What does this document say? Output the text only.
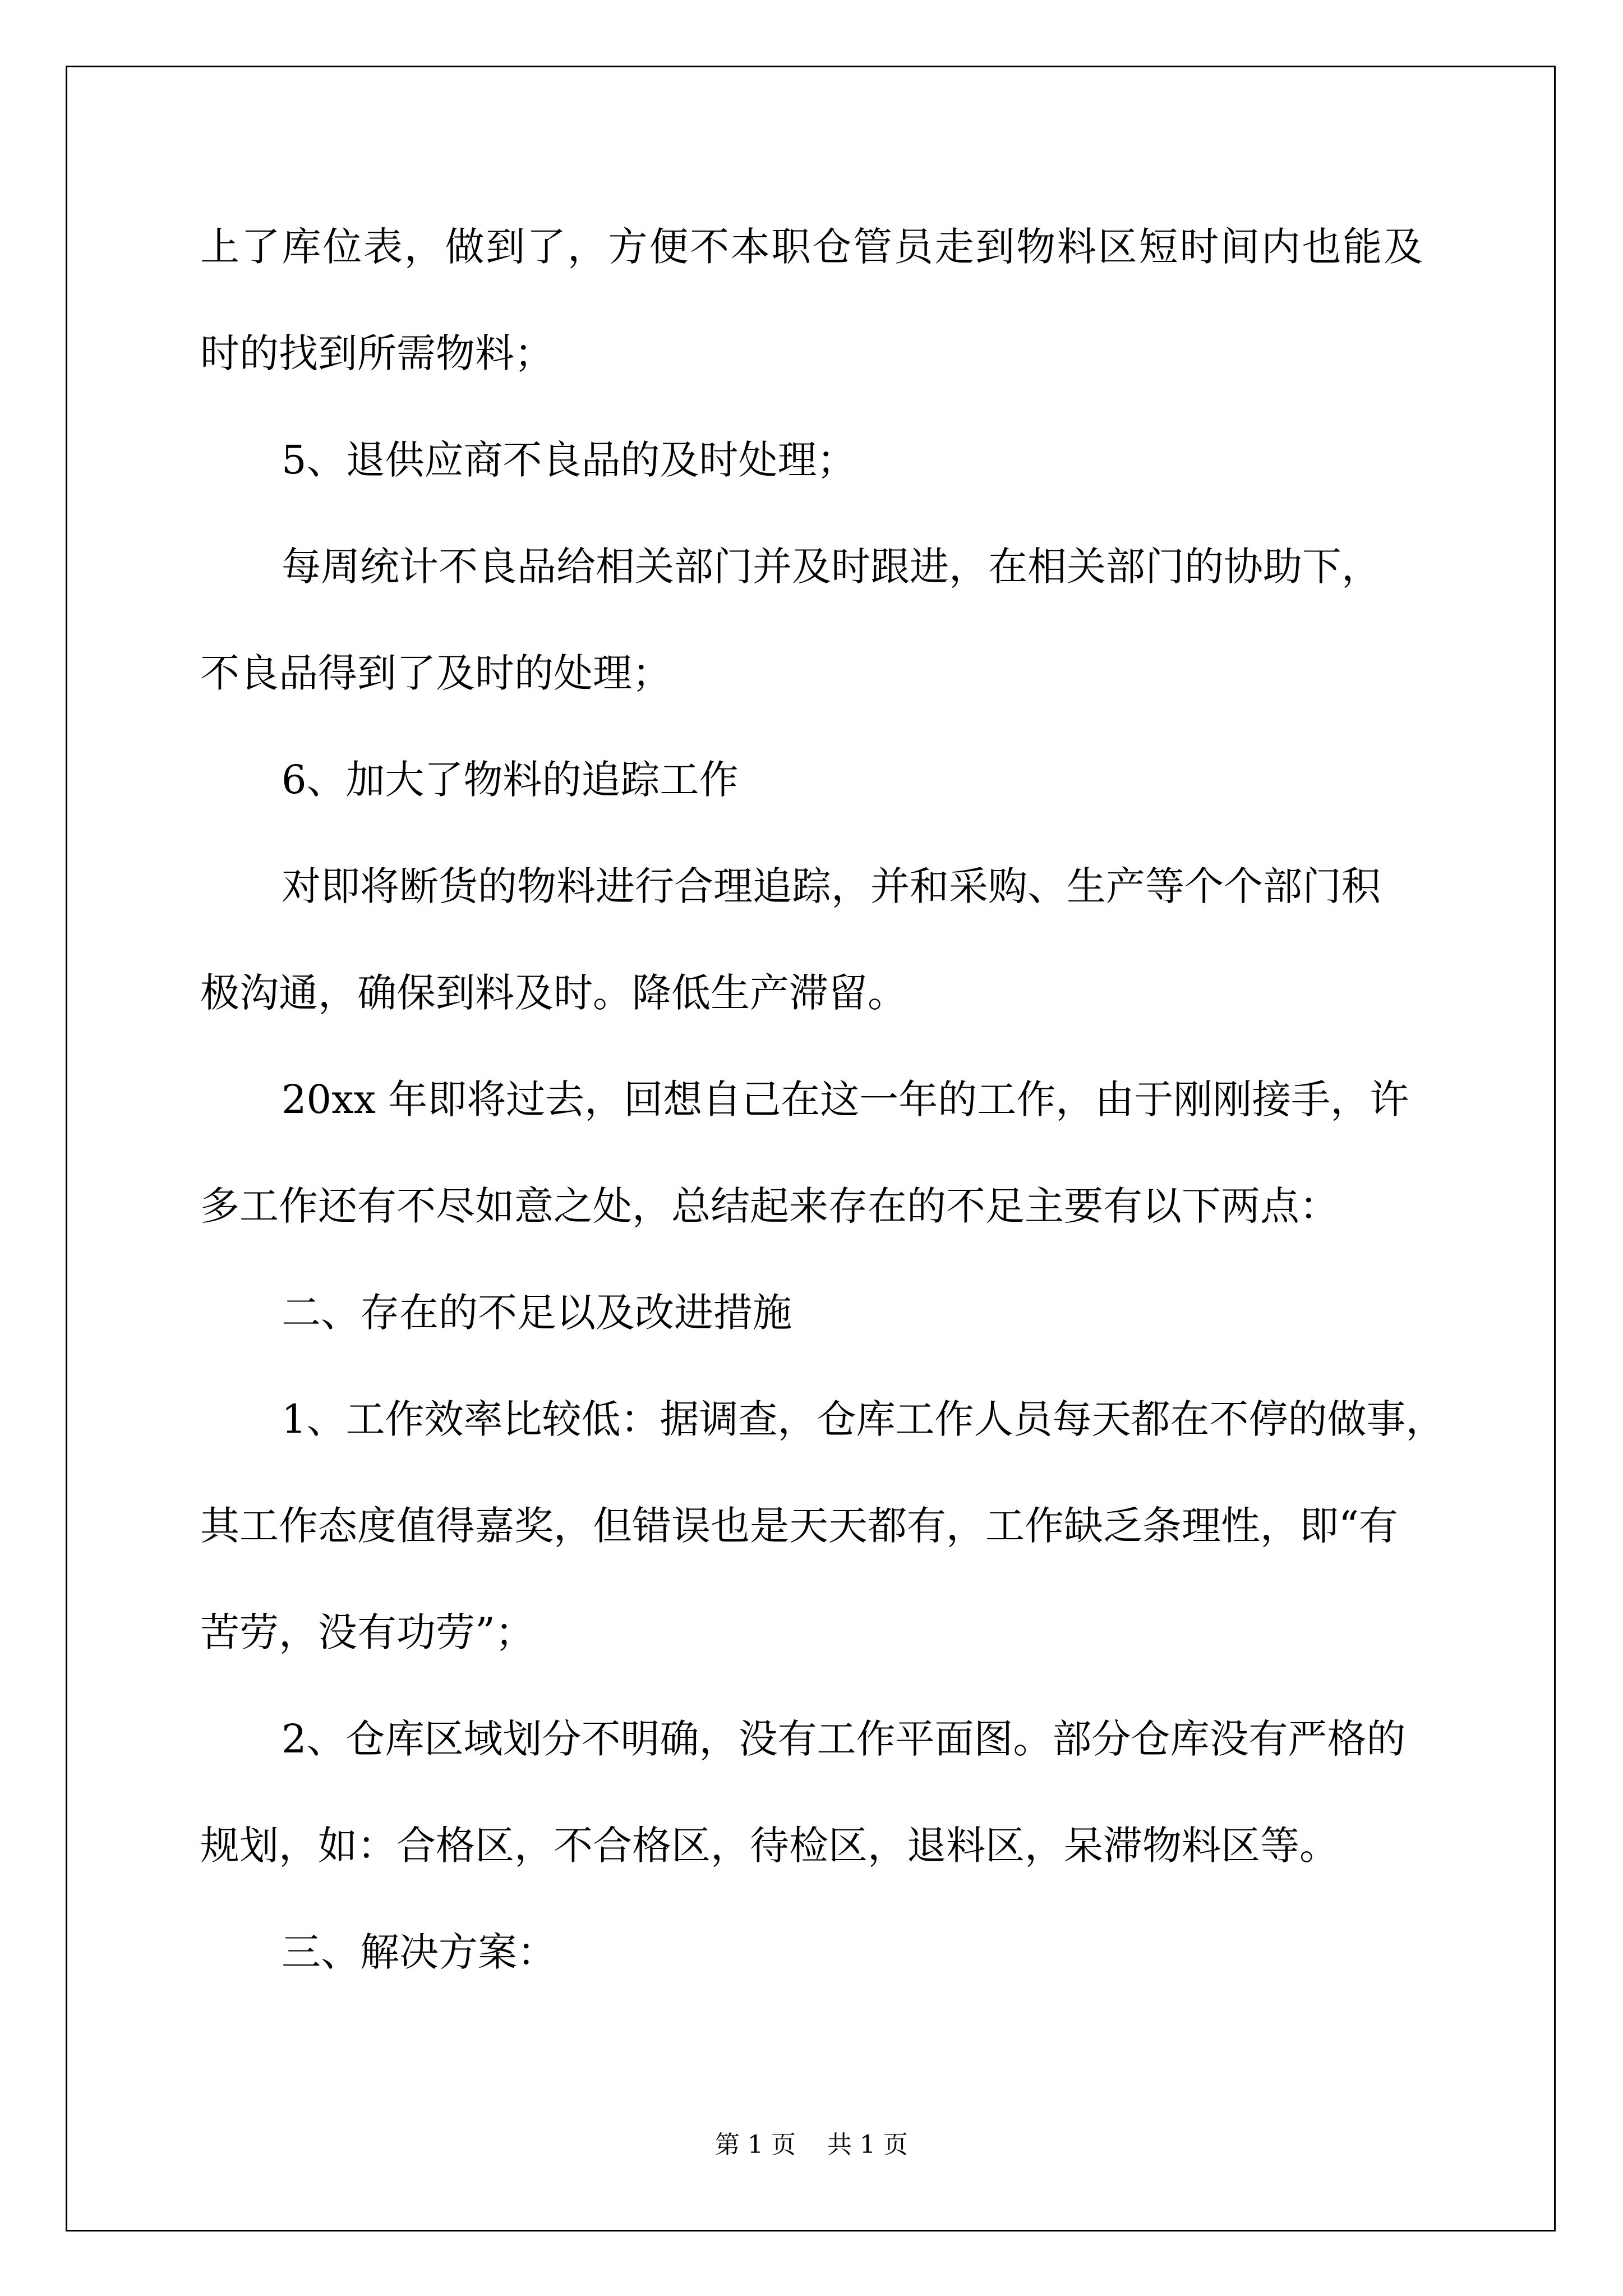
上了库位表，做到了，方便不本职仓管员走到物料区短时间内也能及
时的找到所需物料；
5、退供应商不良品的及时处理；
每周统计不良品给相关部门并及时跟进，在相关部门的协助下，
不良品得到了及时的处理；
6、加大了物料的追踪工作
对即将断货的物料进行合理追踪，并和采购、生产等个个部门积
极沟通，确保到料及时。降低生产滞留。
20xx 年即将过去，回想自己在这一年的工作，由于刚刚接手，许
多工作还有不尽如意之处，总结起来存在的不足主要有以下两点：
二、存在的不足以及改进措施
1、工作效率比较低：据调查，仓库工作人员每天都在不停的做事，
其工作态度值得嘉奖，但错误也是天天都有，工作缺乏条理性，即“有
苦劳，没有功劳”；
2、仓库区域划分不明确，没有工作平面图。部分仓库没有严格的
规划，如：合格区，不合格区，待检区，退料区，呆滞物料区等。
三、解决方案：
第 1 页 共 1 页
